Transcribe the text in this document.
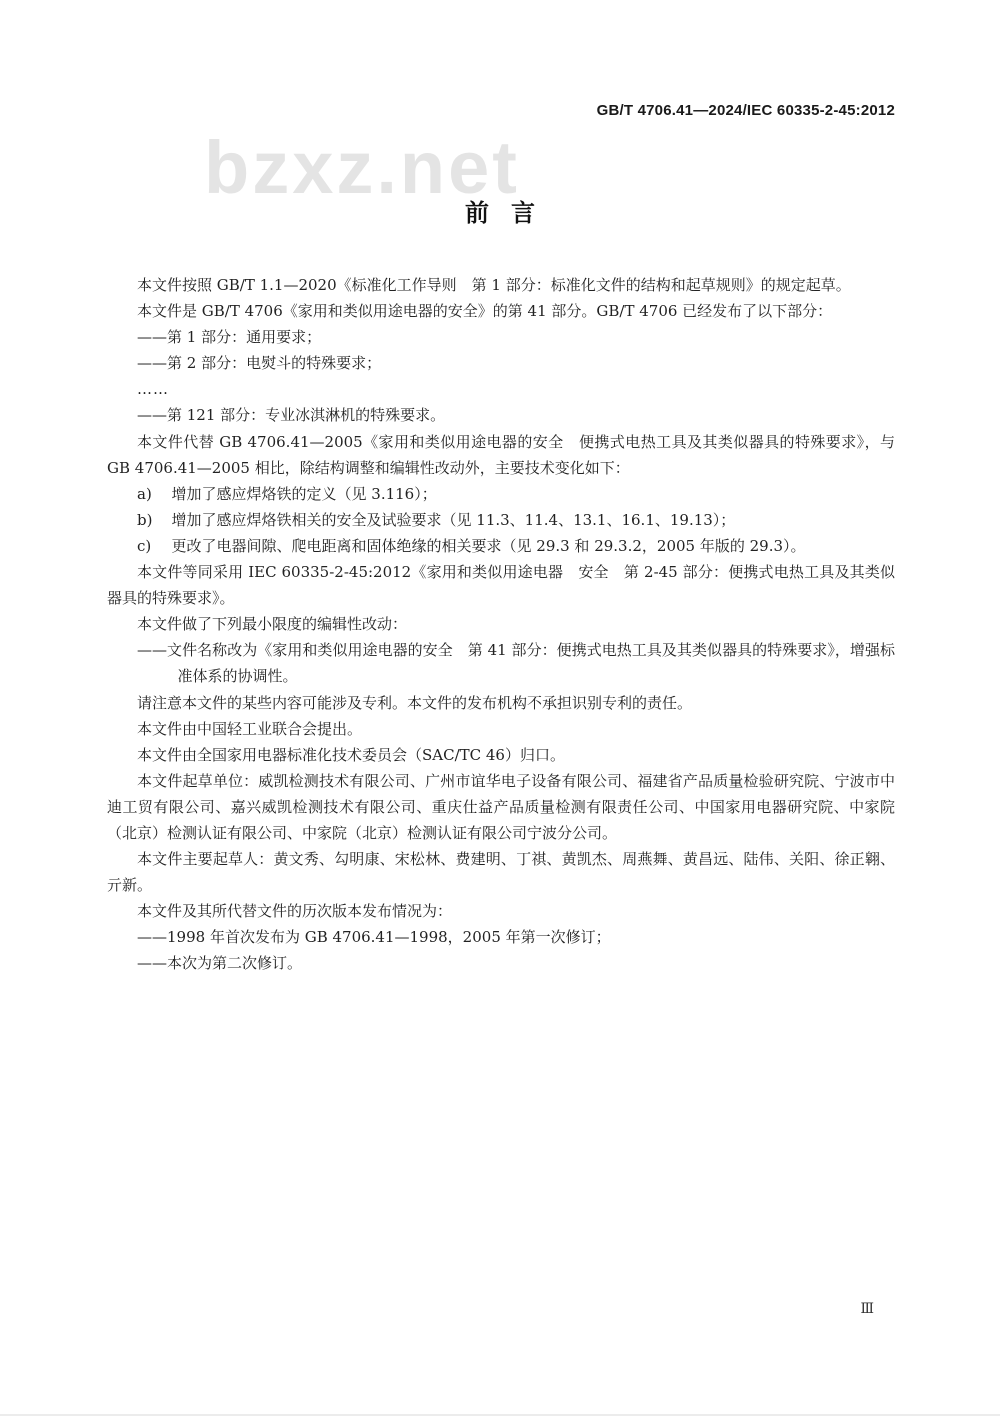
GB/T 4706.41—2024/IEC 60335-2-45:2012
bzxz.net
前言

本文件按照 GB/T 1.1—2020《标准化工作导则　第 1 部分：标准化文件的结构和起草规则》的规定起草。

本文件是 GB/T 4706《家用和类似用途电器的安全》的第 41 部分。GB/T 4706 已经发布了以下部分：

——第 1 部分：通用要求；

——第 2 部分：电熨斗的特殊要求；

……

——第 121 部分：专业冰淇淋机的特殊要求。

本文件代替 GB 4706.41—2005《家用和类似用途电器的安全　便携式电热工具及其类似器具的特殊要求》，与 GB 4706.41—2005 相比，除结构调整和编辑性改动外，主要技术变化如下：

a)	增加了感应焊烙铁的定义（见 3.116）；
b)	增加了感应焊烙铁相关的安全及试验要求（见 11.3、11.4、13.1、16.1、19.13）；
c)	更改了电器间隙、爬电距离和固体绝缘的相关要求（见 29.3 和 29.3.2，2005 年版的 29.3）。

本文件等同采用 IEC 60335-2-45:2012《家用和类似用途电器　安全　第 2-45 部分：便携式电热工具及其类似器具的特殊要求》。

本文件做了下列最小限度的编辑性改动：

——文件名称改为《家用和类似用途电器的安全　第 41 部分：便携式电热工具及其类似器具的特殊要求》，增强标准体系的协调性。

请注意本文件的某些内容可能涉及专利。本文件的发布机构不承担识别专利的责任。

本文件由中国轻工业联合会提出。

本文件由全国家用电器标准化技术委员会（SAC/TC 46）归口。

本文件起草单位：威凯检测技术有限公司、广州市谊华电子设备有限公司、福建省产品质量检验研究院、宁波市中迪工贸有限公司、嘉兴威凯检测技术有限公司、重庆仕益产品质量检测有限责任公司、中国家用电器研究院、中家院（北京）检测认证有限公司、中家院（北京）检测认证有限公司宁波分公司。

本文件主要起草人：黄文秀、勾明康、宋松林、费建明、丁祺、黄凯杰、周燕舞、黄昌远、陆伟、关阳、徐正翱、亓新。

本文件及其所代替文件的历次版本发布情况为：

——1998 年首次发布为 GB 4706.41—1998，2005 年第一次修订；

——本次为第二次修订。

Ⅲ
